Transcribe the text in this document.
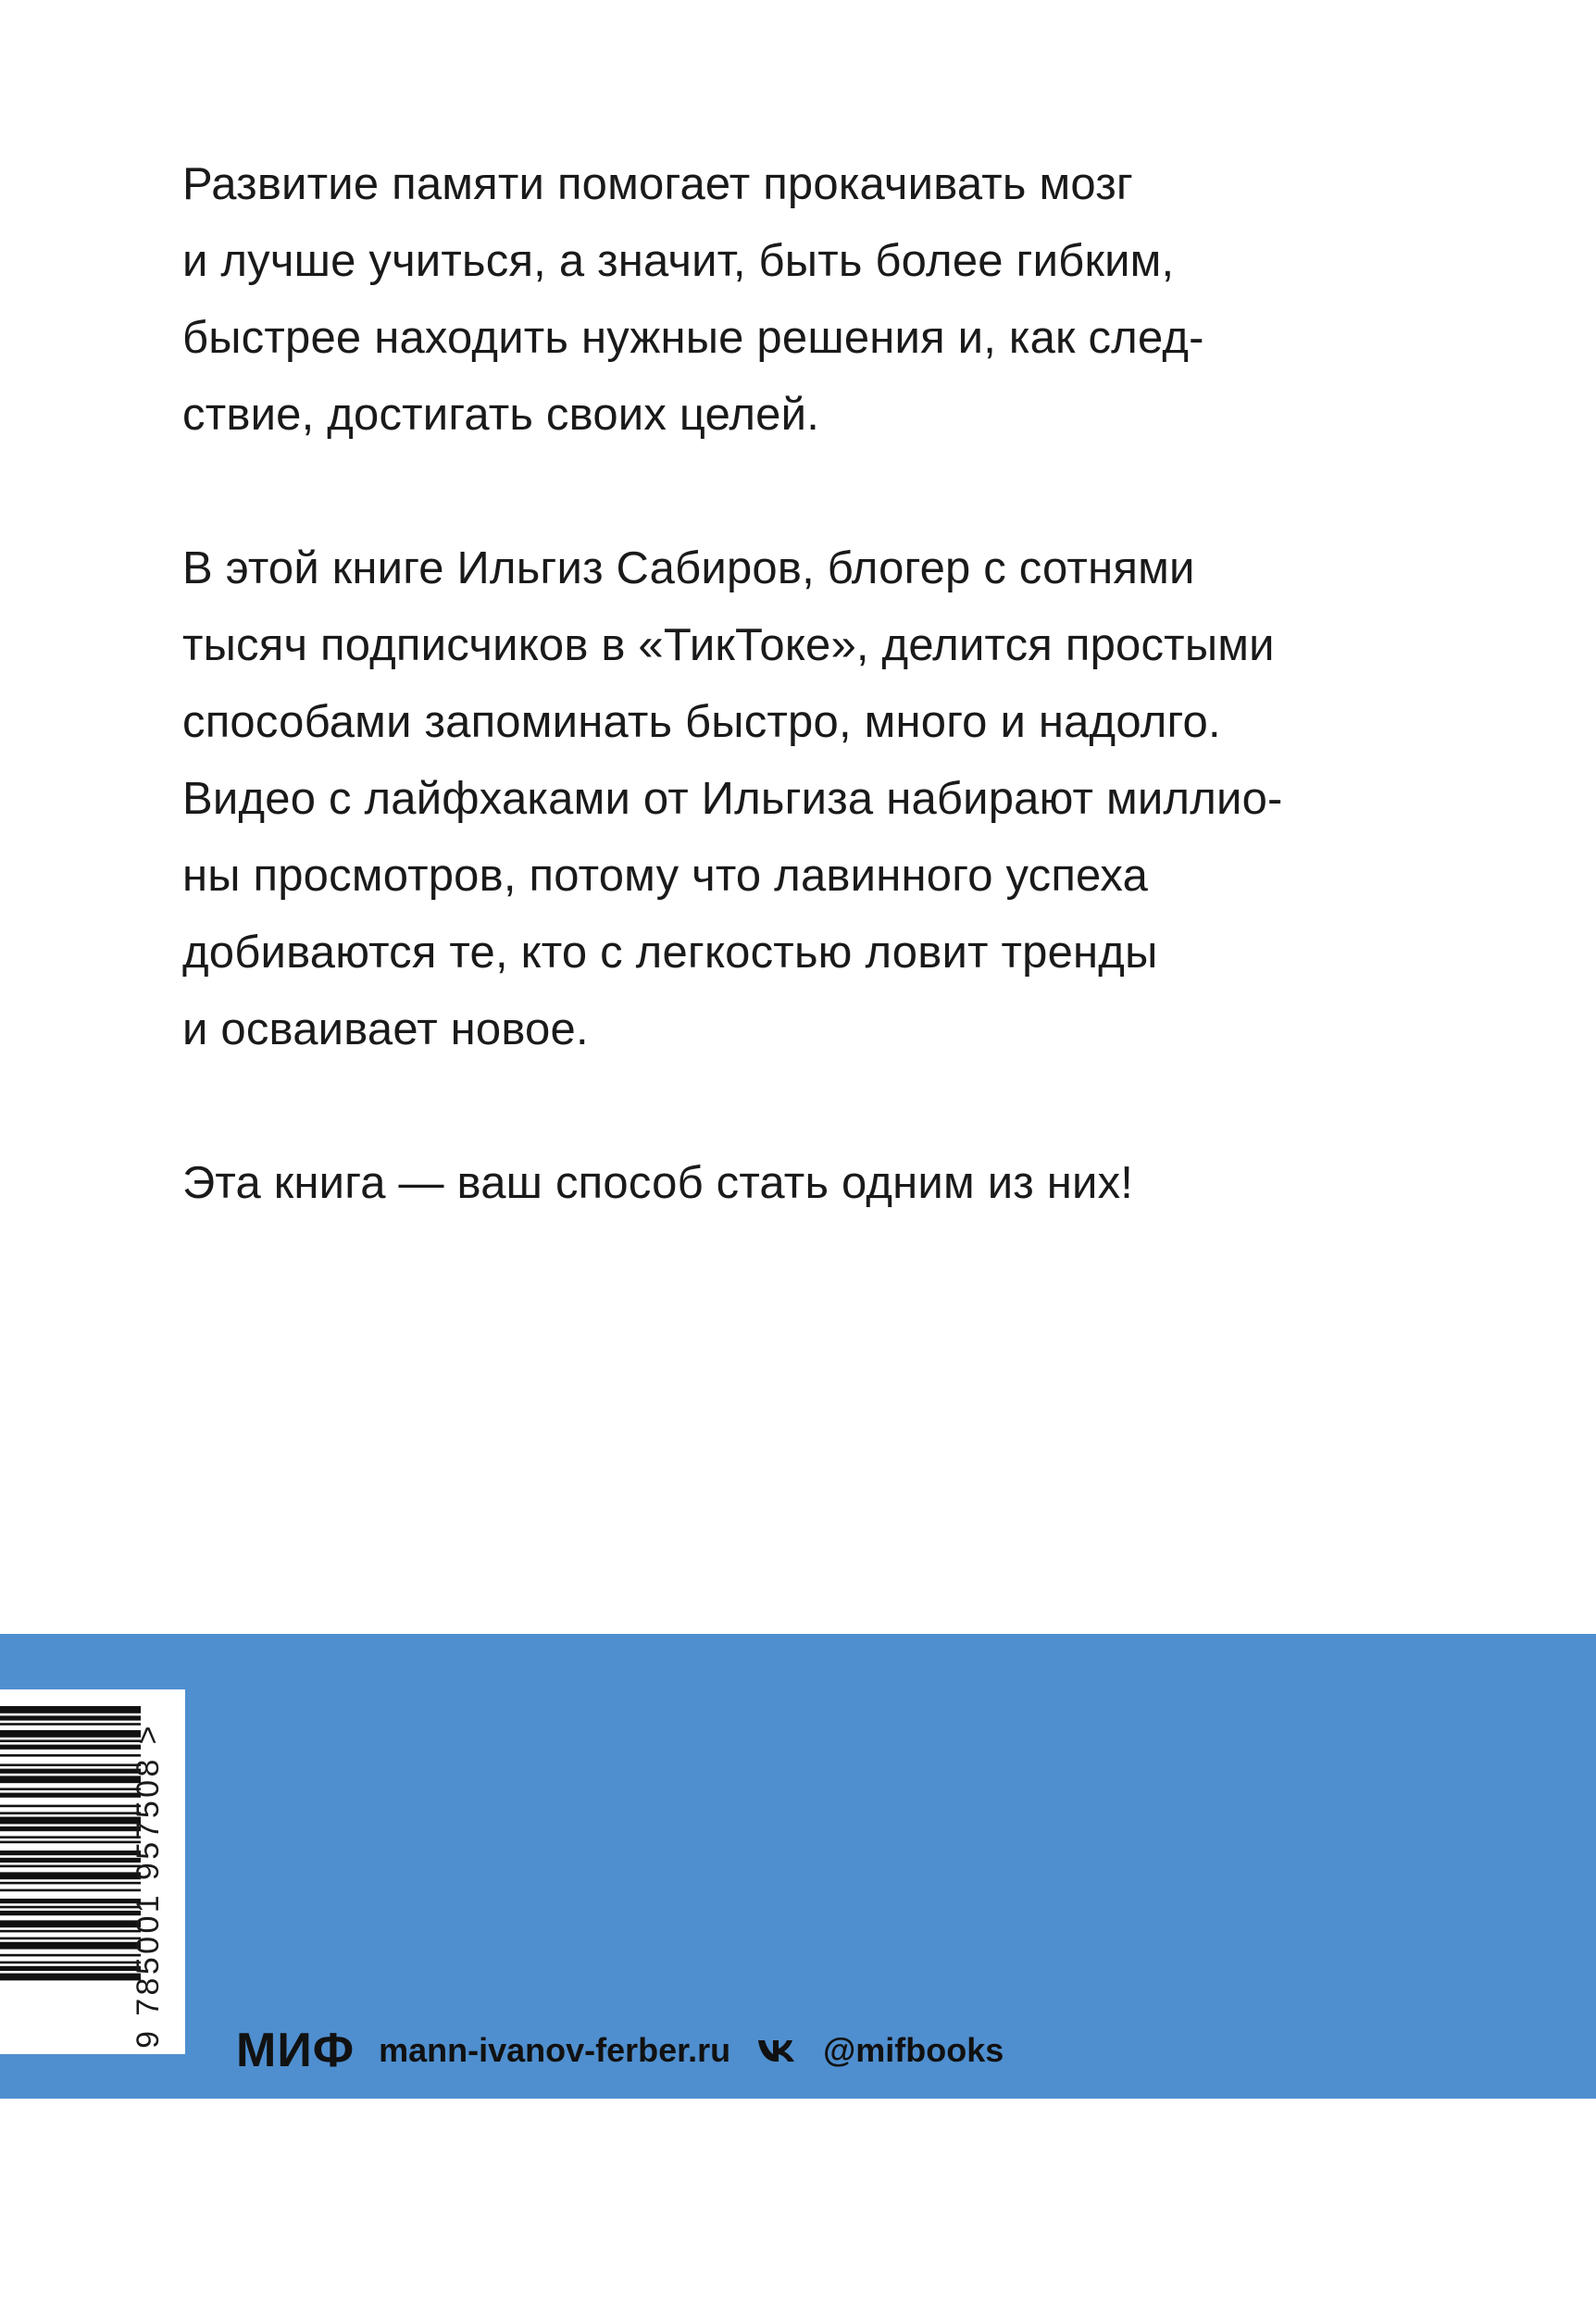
Развитие памяти помогает прокачивать мозг
и лучше учиться, а значит, быть более гибким,
быстрее находить нужные решения и, как след-
ствие, достигать своих целей.

В этой книге Ильгиз Сабиров, блогер с сотнями
тысяч подписчиков в «ТикТоке», делится простыми
способами запоминать быстро, много и надолго.
Видео с лайфхаками от Ильгиза набирают миллио-
ны просмотров, потому что лавинного успеха
добиваются те, кто с легкостью ловит тренды
и осваивает новое.

Эта книга — ваш способ стать одним из них!

9 785001 957508 >
МИФ mann-ivanov-ferber.ru	@mifbooks
